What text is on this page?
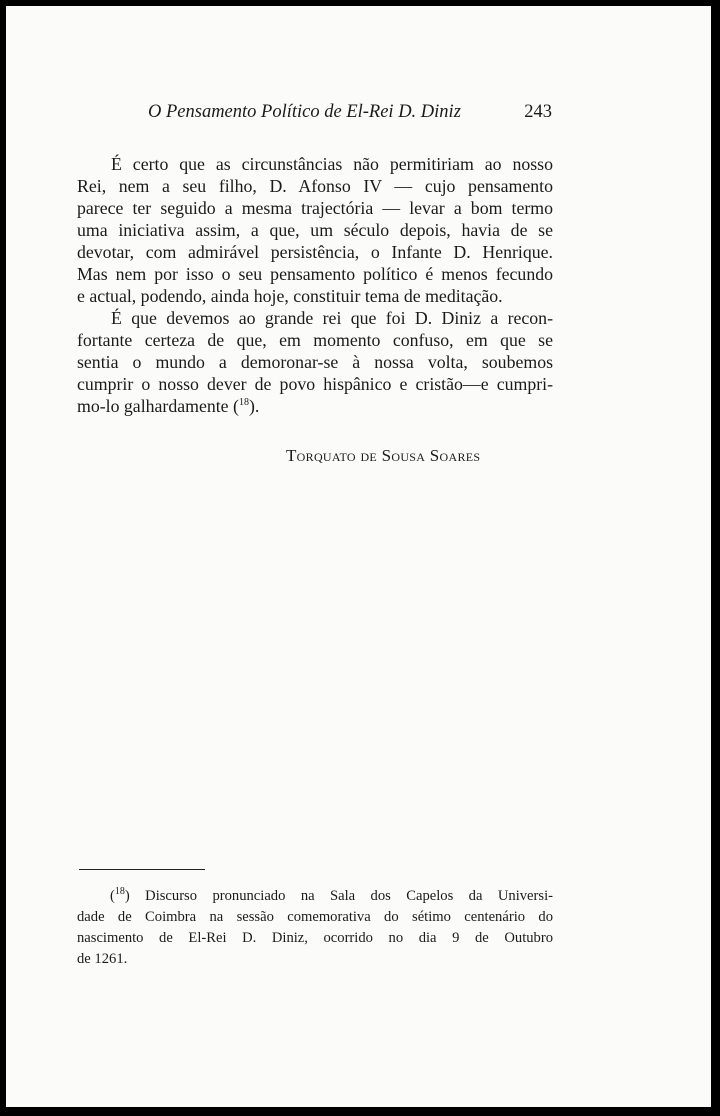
O Pensamento Político de El-Rei D. Diniz	243
É certo que as circunstâncias não permitiriam ao nosso
Rei, nem a seu filho, D. Afonso IV — cujo pensamento
parece ter seguido a mesma trajectória — levar a bom termo
uma iniciativa assim, a que, um século depois, havia de se
devotar, com admirável persistência, o Infante D. Henrique.
Mas nem por isso o seu pensamento político é menos fecundo
e actual, podendo, ainda hoje, constituir tema de meditação.
É que devemos ao grande rei que foi D. Diniz a recon-
fortante certeza de que, em momento confuso, em que se
sentia o mundo a demoronar-se à nossa volta, soubemos
cumprir o nosso dever de povo hispânico e cristão—e cumpri-
mo-lo galhardamente ($^{18}$).
Torquato de Sousa Soares
($^{18}$) Discurso pronunciado na Sala dos Capelos da Universi-
dade de Coimbra na sessão comemorativa do sétimo centenário do
nascimento de El-Rei D. Diniz, ocorrido no dia 9 de Outubro
de 1261.
